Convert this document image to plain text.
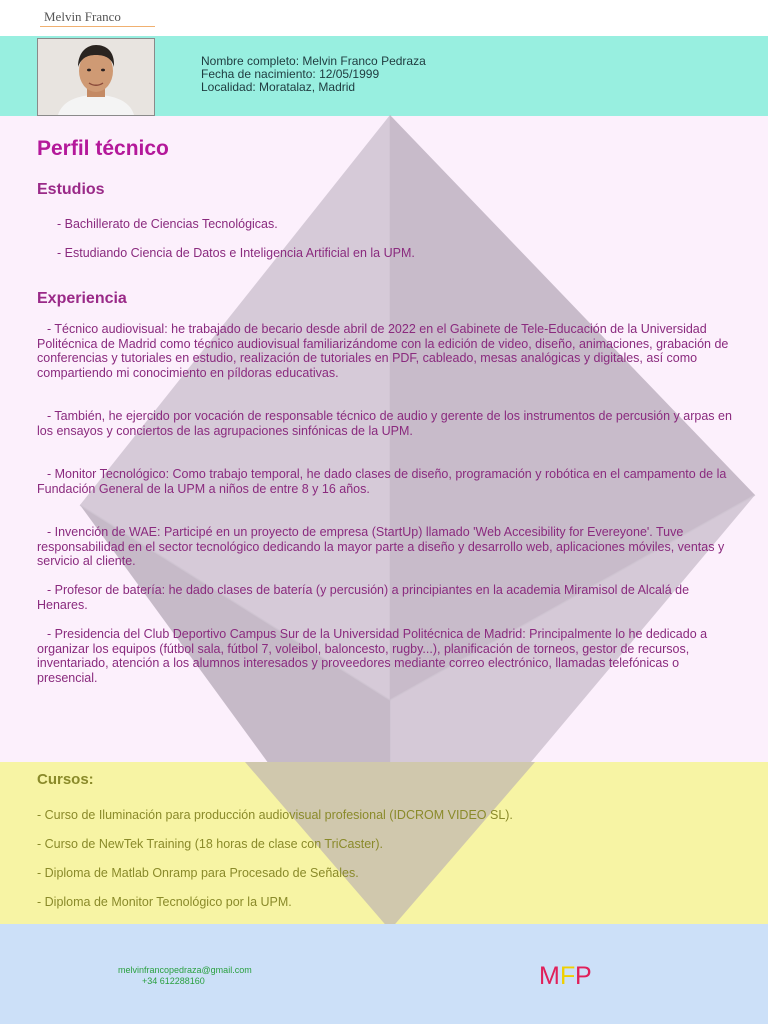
Melvin Franco
Nombre completo: Melvin Franco Pedraza
Fecha de nacimiento: 12/05/1999
Localidad: Moratalaz, Madrid
Perfil técnico
Estudios
- Bachillerato de Ciencias Tecnológicas.
- Estudiando Ciencia de Datos e Inteligencia Artificial en la UPM.
Experiencia
- Técnico audiovisual: he trabajado de becario desde abril de 2022 en el Gabinete de Tele-Educación de la Universidad Politécnica de Madrid como técnico audiovisual familiarizándome con la edición de video, diseño, animaciones, grabación de conferencias y tutoriales en estudio, realización de tutoriales en PDF, cableado, mesas analógicas y digitales, así como compartiendo mi conocimiento en píldoras educativas.
- También, he ejercido por vocación de responsable técnico de audio y gerente de los instrumentos de percusión y arpas en los ensayos y conciertos de las agrupaciones sinfónicas de la UPM.
- Monitor Tecnológico: Como trabajo temporal, he dado clases de diseño, programación y robótica en el campamento de la Fundación General de la UPM a niños de entre 8 y 16 años.
- Invención de WAE: Participé en un proyecto de empresa (StartUp) llamado 'Web Accesibility for Evereyone'. Tuve responsabilidad en el sector tecnológico dedicando la mayor parte a diseño y desarrollo web, aplicaciones móviles, ventas y servicio al cliente.
- Profesor de batería: he dado clases de batería (y percusión) a principiantes en la academia Miramisol de Alcalá de Henares.
- Presidencia del Club Deportivo Campus Sur de la Universidad Politécnica de Madrid: Principalmente lo he dedicado a organizar los equipos (fútbol sala, fútbol 7, voleibol, baloncesto, rugby...), planificación de torneos, gestor de recursos, inventariado, atención a los alumnos interesados y proveedores mediante correo electrónico, llamadas telefónicas o presencial.
Cursos:
- Curso de Iluminación para producción audiovisual profesional (IDCROM VIDEO SL).
- Curso de NewTek Training (18 horas de clase con TriCaster).
- Diploma de Matlab Onramp para Procesado de Señales.
- Diploma de Monitor Tecnológico por la UPM.
melvinfrancopedraza@gmail.com
+34 612288160	M F P
